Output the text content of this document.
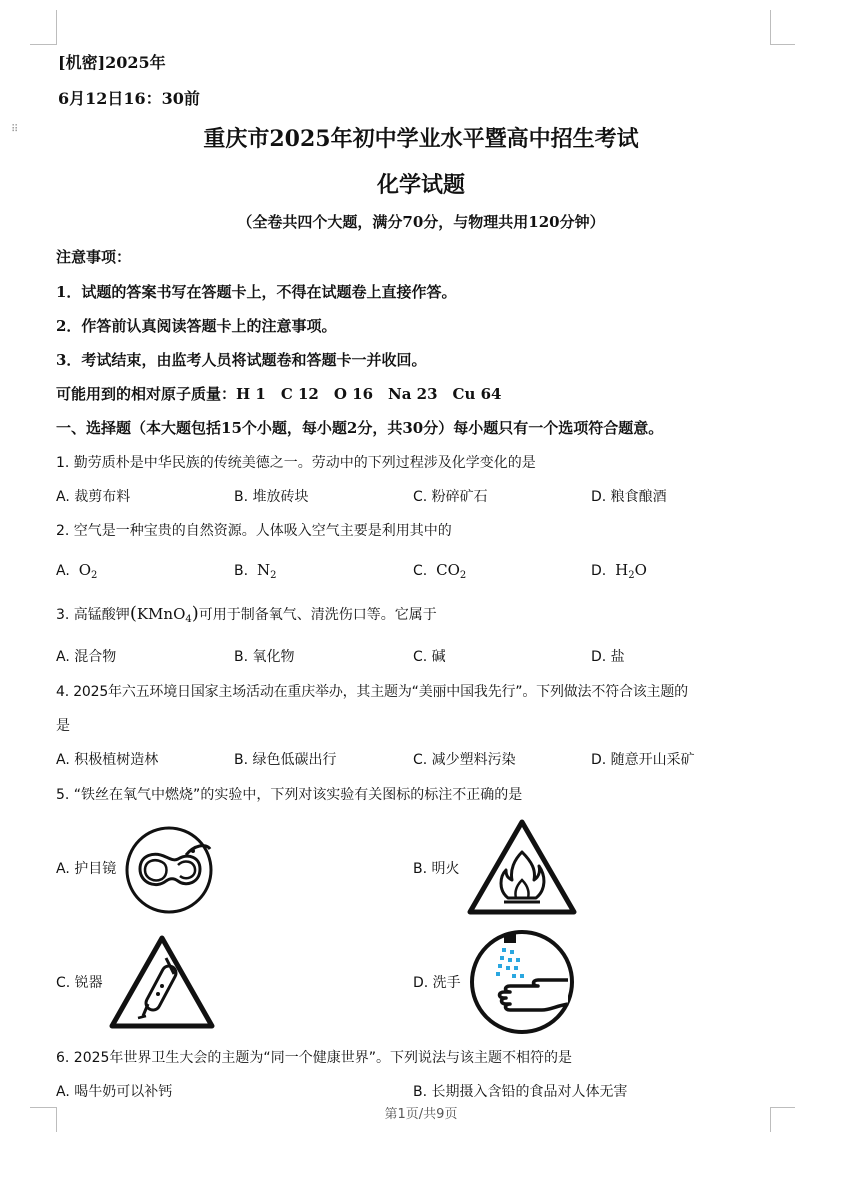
⠿
[机密]2025年
6月12日16：30前
重庆市2025年初中学业水平暨高中招生考试
化学试题
（全卷共四个大题，满分70分，与物理共用120分钟）
注意事项：
1．试题的答案书写在答题卡上，不得在试题卷上直接作答。
2．作答前认真阅读答题卡上的注意事项。
3．考试结束，由监考人员将试题卷和答题卡一并收回。
可能用到的相对原子质量：H 1　C 12　O 16　Na 23　Cu 64
一、选择题（本大题包括15个小题，每小题2分，共30分）每小题只有一个选项符合题意。
1. 勤劳质朴是中华民族的传统美德之一。劳动中的下列过程涉及化学变化的是
A. 裁剪布料	B. 堆放砖块	C. 粉碎矿石	D. 粮食酿酒
2. 空气是一种宝贵的自然资源。人体吸入空气主要是利用其中的
A. $O_2$	B. $N_2$	C. $CO_2$	D. $H_2O$
3. 高锰酸钾(KMnO$_4$)可用于制备氧气、清洗伤口等。它属于
A. 混合物	B. 氧化物	C. 碱	D. 盐
4. 2025年六五环境日国家主场活动在重庆举办，其主题为“美丽中国我先行”。下列做法不符合该主题的
是
A. 积极植树造林	B. 绿色低碳出行	C. 减少塑料污染	D. 随意开山采矿
5. “铁丝在氧气中燃烧”的实验中，下列对该实验有关图标的标注不正确的是
A. 护目镜	B. 明火
C. 锐器	D. 洗手
6. 2025年世界卫生大会的主题为“同一个健康世界”。下列说法与该主题不相符的是
A. 喝牛奶可以补钙	B. 长期摄入含铅的食品对人体无害
第1页/共9页
